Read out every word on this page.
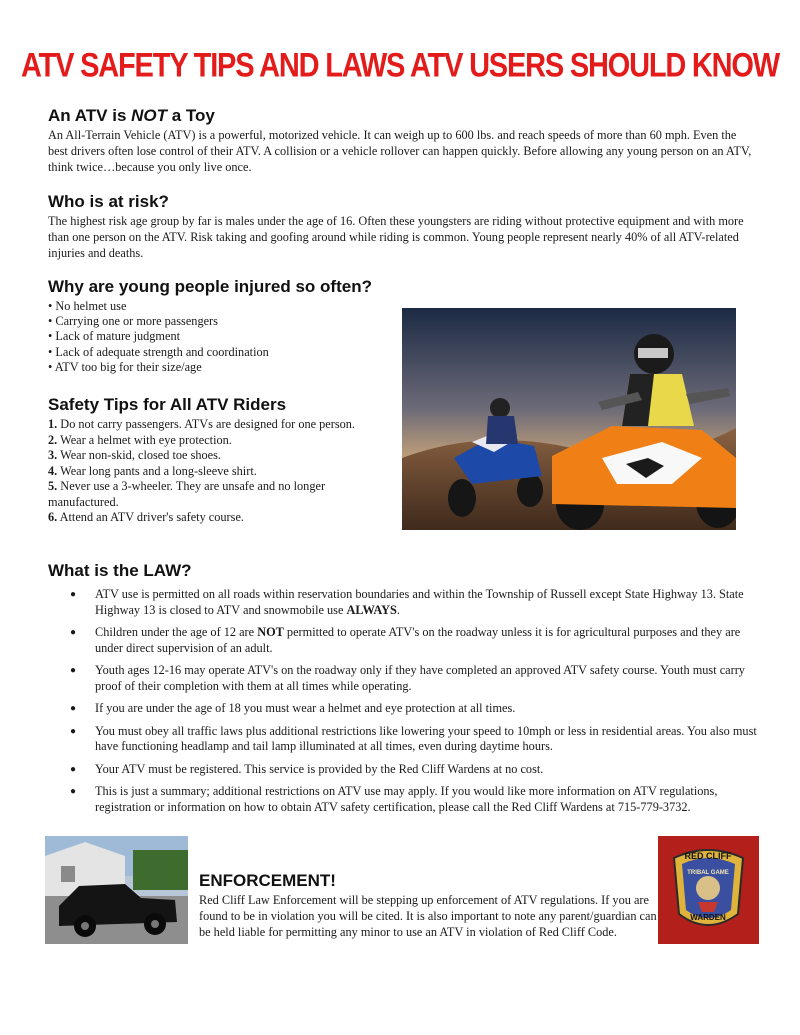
ATV SAFETY TIPS AND LAWS ATV USERS SHOULD KNOW
An ATV is NOT a Toy

An All-Terrain Vehicle (ATV) is a powerful, motorized vehicle. It can weigh up to 600 lbs. and reach speeds of more than 60 mph. Even the best drivers often lose control of their ATV. A collision or a vehicle rollover can happen quickly. Before allowing any young person on an ATV, think twice…because you only live once.

Who is at risk?

The highest risk age group by far is males under the age of 16. Often these youngsters are riding without protective equipment and with more than one person on the ATV. Risk taking and goofing around while riding is common. Young people represent nearly 40% of all ATV-related injuries and deaths.

Why are young people injured so often?
• No helmet use
• Carrying one or more passengers
• Lack of mature judgment
• Lack of adequate strength and coordination
• ATV too big for their size/age
Safety Tips for All ATV Riders
1. Do not carry passengers. ATVs are designed for one person.
2. Wear a helmet with eye protection.
3. Wear non-skid, closed toe shoes.
4. Wear long pants and a long-sleeve shirt.
5. Never use a 3-wheeler. They are unsafe and no longer manufactured.
6. Attend an ATV driver's safety course.
What is the LAW?
● ATV use is permitted on all roads within reservation boundaries and within the Township of Russell except State Highway 13. State Highway 13 is closed to ATV and snowmobile use ALWAYS.
● Children under the age of 12 are NOT permitted to operate ATV's on the roadway unless it is for agricultural purposes and they are under direct supervision of an adult.
● Youth ages 12-16 may operate ATV's on the roadway only if they have completed an approved ATV safety course. Youth must carry proof of their completion with them at all times while operating.
● If you are under the age of 18 you must wear a helmet and eye protection at all times.
● You must obey all traffic laws plus additional restrictions like lowering your speed to 10mph or less in residential areas. You also must have functioning headlamp and tail lamp illuminated at all times, even during daytime hours.
● Your ATV must be registered. This service is provided by the Red Cliff Wardens at no cost.
● This is just a summary; additional restrictions on ATV use may apply. If you would like more information on ATV regulations, registration or information on how to obtain ATV safety certification, please call the Red Cliff Wardens at 715-779-3732.
ENFORCEMENT!

Red Cliff Law Enforcement will be stepping up enforcement of ATV regulations. If you are found to be in violation you will be cited. It is also important to note any parent/guardian can be held liable for permitting any minor to use an ATV in violation of Red Cliff Code.

RED CLIFF
TRIBAL GAME
WARDEN
